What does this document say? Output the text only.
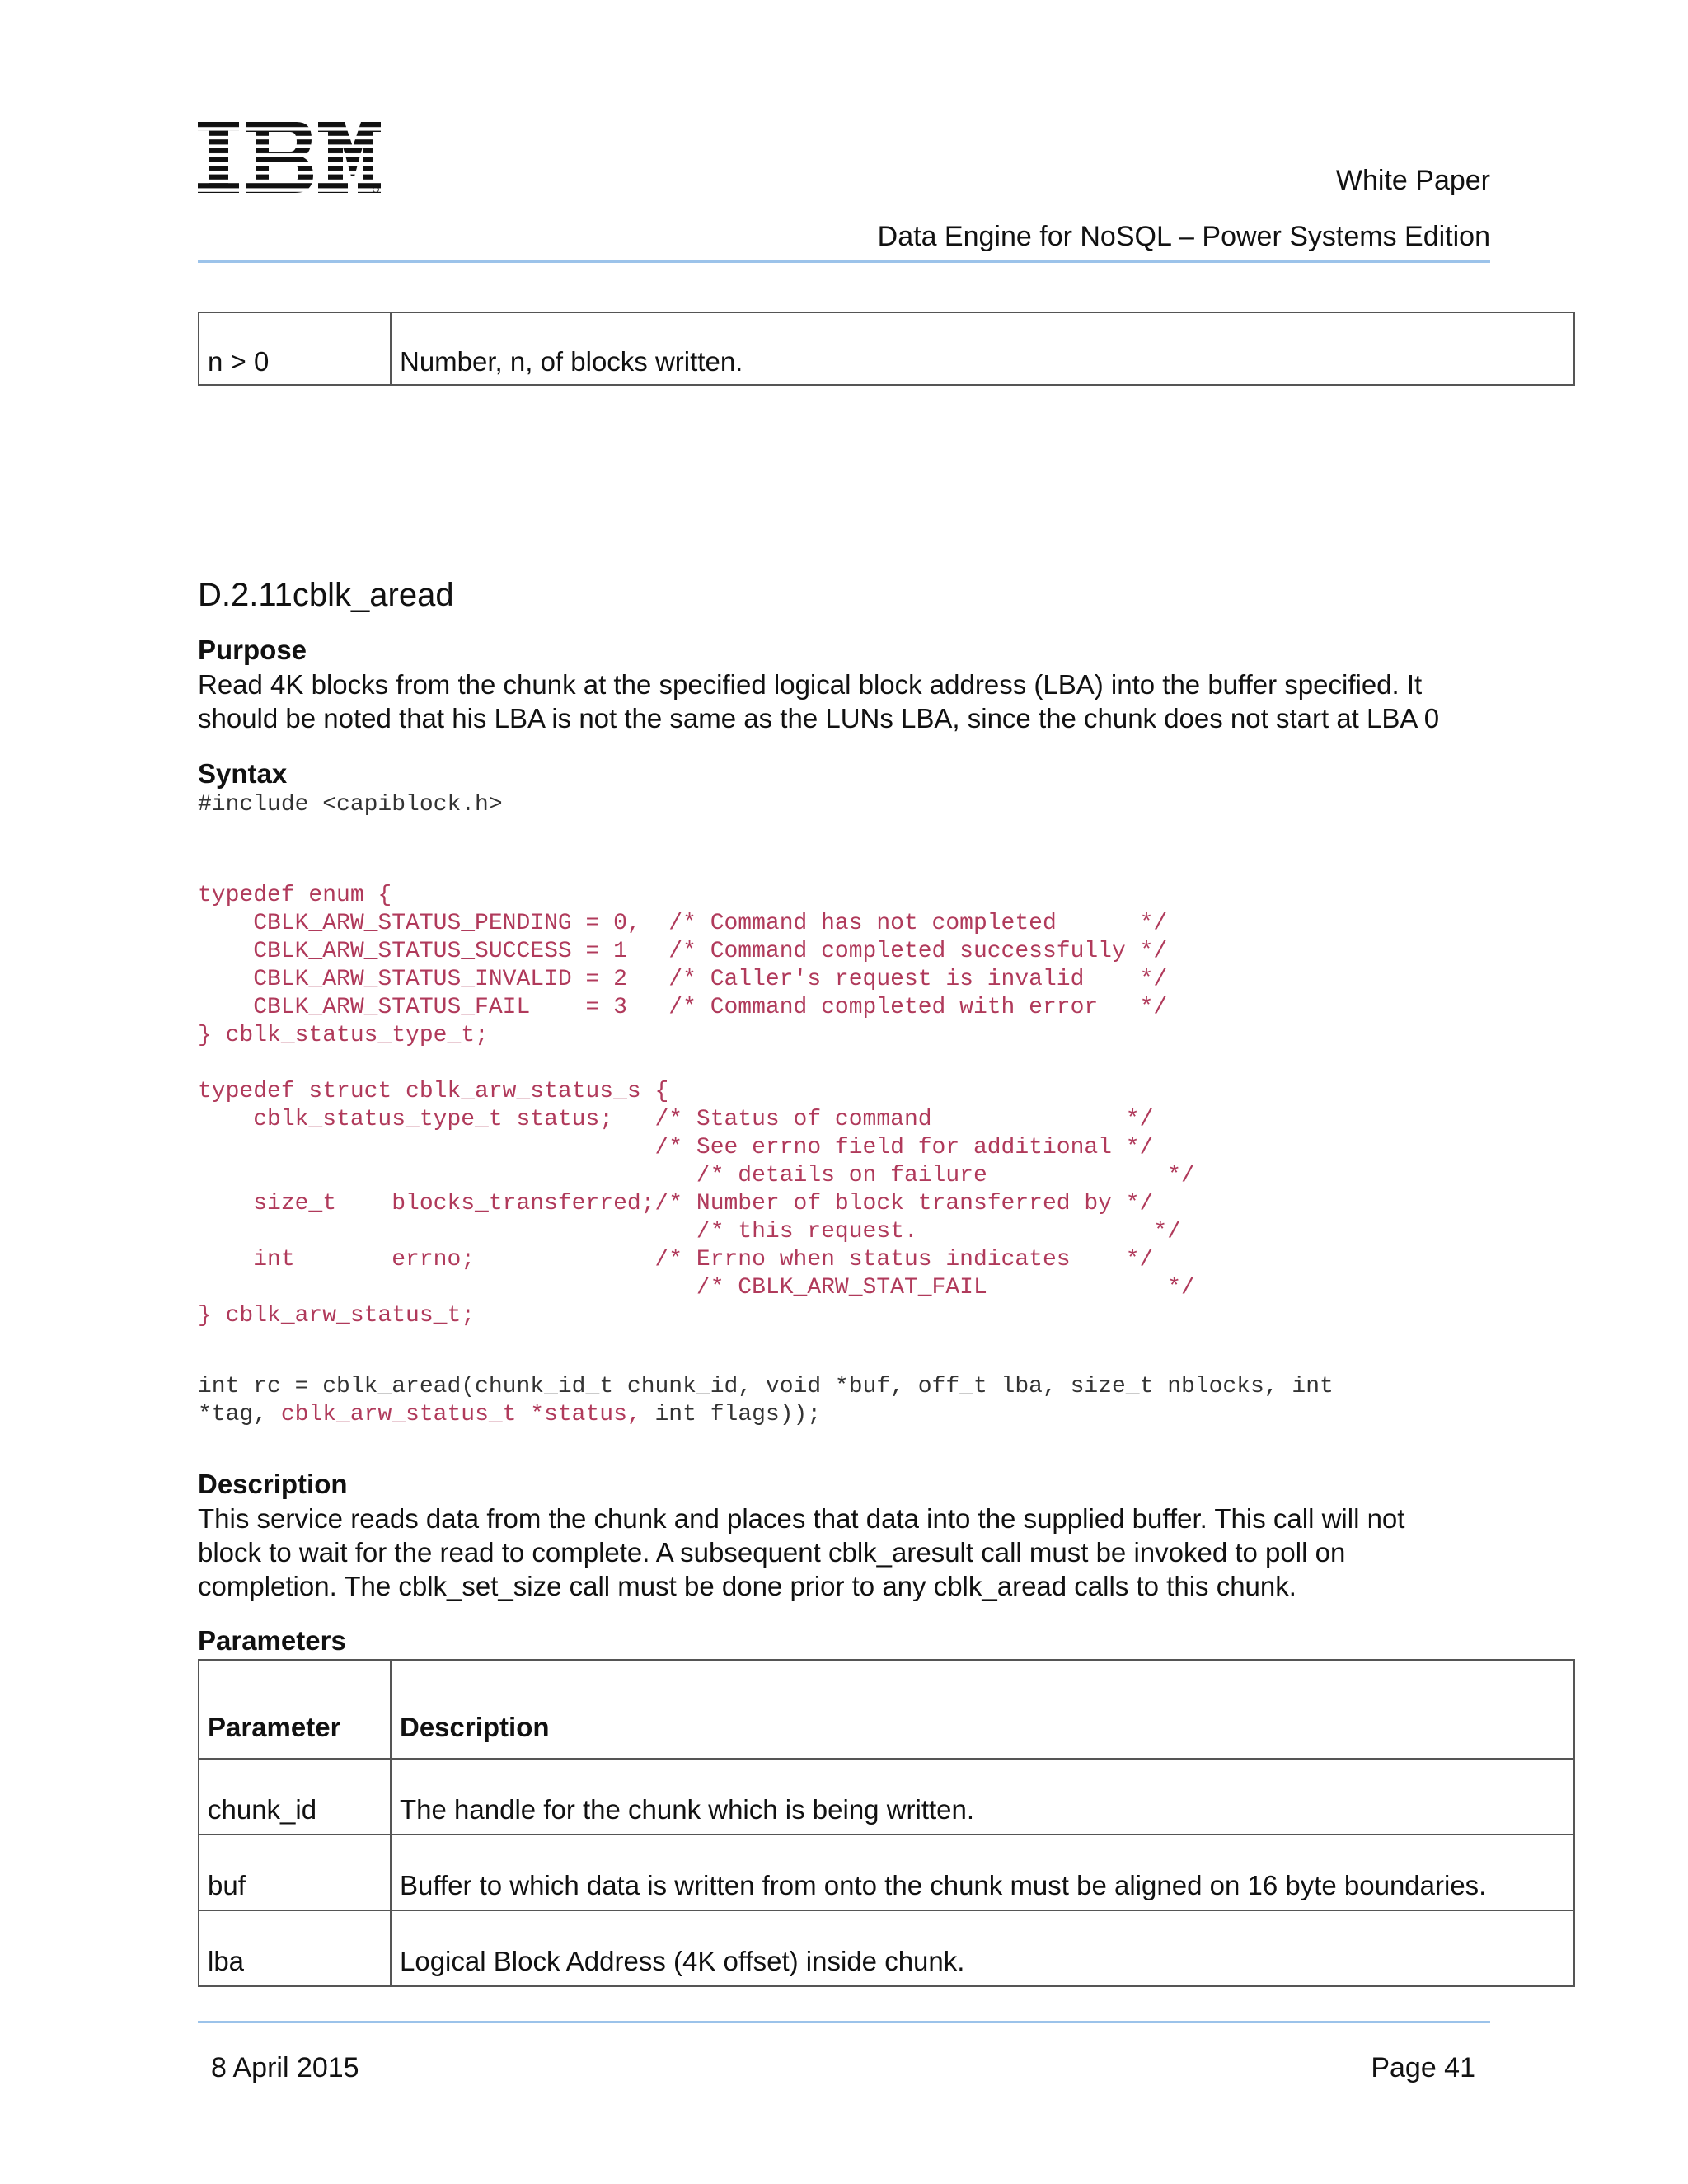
White Paper
Data Engine for NoSQL – Power Systems Edition
n > 0	Number, n, of blocks written.
D.2.11cblk_aread
Purpose
Read 4K blocks from the chunk at the specified logical block address (LBA) into the buffer specified. It should be noted that his LBA is not the same as the LUNs LBA, since the chunk does not start at LBA 0
Syntax
#include <capiblock.h>
typedef enum {
CBLK_ARW_STATUS_PENDING = 0,  /* Command has not completed      */
CBLK_ARW_STATUS_SUCCESS = 1   /* Command completed successfully */
CBLK_ARW_STATUS_INVALID = 2   /* Caller's request is invalid    */
CBLK_ARW_STATUS_FAIL    = 3   /* Command completed with error   */
} cblk_status_type_t;

typedef struct cblk_arw_status_s {
cblk_status_type_t status;   /* Status of command              */
/* See errno field for additional */
/* details on failure             */
size_t    blocks_transferred;/* Number of block transferred by */
/* this request.                 */
int       errno;             /* Errno when status indicates    */
/* CBLK_ARW_STAT_FAIL             */
} cblk_arw_status_t;
int rc = cblk_aread(chunk_id_t chunk_id, void *buf, off_t lba, size_t nblocks, int
*tag, cblk_arw_status_t *status, int flags));
Description
This service reads data from the chunk and places that data into the supplied buffer. This call will not block to wait for the read to complete. A subsequent cblk_aresult call must be invoked to poll on completion. The cblk_set_size call must be done prior to any cblk_aread calls to this chunk.
Parameters
Parameter	Description
chunk_id	The handle for the chunk which is being written.
buf	Buffer to which data is written from onto the chunk must be aligned on 16 byte boundaries.
lba	Logical Block Address (4K offset) inside chunk.
8 April 2015	Page 41
